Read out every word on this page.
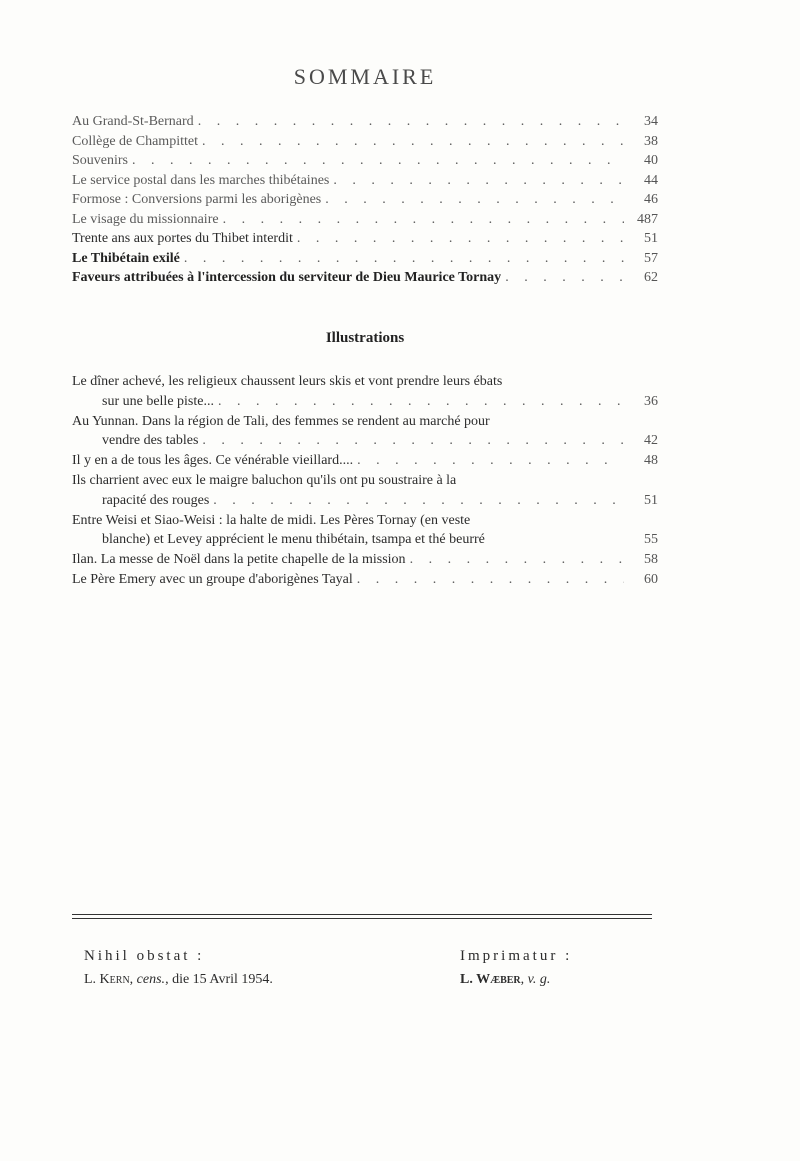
SOMMAIRE
Au Grand-St-Bernard . . .	34
Collège de Champittet . . .	38
Souvenirs . . .	40
Le service postal dans les marches thibétaines . . .	44
Formose : Conversions parmi les aborigènes . . .	46
Le visage du missionnaire . . .	487
Trente ans aux portes du Thibet interdit . . .	51
Le Thibétain exilé . . .	57
Faveurs attribuées à l'intercession du serviteur de Dieu Maurice Tornay . . .	62
Illustrations
Le dîner achevé, les religieux chaussent leurs skis et vont prendre leurs ébats
sur une belle piste... . . .	36
Au Yunnan. Dans la région de Tali, des femmes se rendent au marché pour
vendre des tables . . .	42
Il y en a de tous les âges. Ce vénérable vieillard.... . . .	48
Ils charrient avec eux le maigre baluchon qu'ils ont pu soustraire à la
rapacité des rouges . . .	51
Entre Weisi et Siao-Weisi : la halte de midi. Les Pères Tornay (en veste
blanche) et Levey apprécient le menu thibétain, tsampa et thé beurré	55
Ilan. La messe de Noël dans la petite chapelle de la mission . . .	58
Le Père Emery avec un groupe d'aborigènes Tayal . . .	60
Nihil obstat :
L. Kern, cens., die 15 Avril 1954.
Imprimatur :
L. Wæber, v. g.
